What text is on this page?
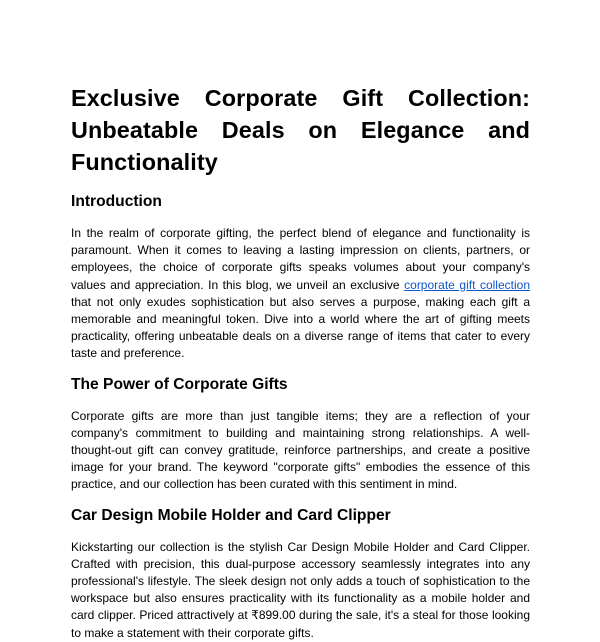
Exclusive Corporate Gift Collection: Unbeatable Deals on Elegance and Functionality
Introduction

In the realm of corporate gifting, the perfect blend of elegance and functionality is paramount. When it comes to leaving a lasting impression on clients, partners, or employees, the choice of corporate gifts speaks volumes about your company's values and appreciation. In this blog, we unveil an exclusive corporate gift collection that not only exudes sophistication but also serves a purpose, making each gift a memorable and meaningful token. Dive into a world where the art of gifting meets practicality, offering unbeatable deals on a diverse range of items that cater to every taste and preference.

The Power of Corporate Gifts

Corporate gifts are more than just tangible items; they are a reflection of your company's commitment to building and maintaining strong relationships. A well-thought-out gift can convey gratitude, reinforce partnerships, and create a positive image for your brand. The keyword "corporate gifts" embodies the essence of this practice, and our collection has been curated with this sentiment in mind.

Car Design Mobile Holder and Card Clipper

Kickstarting our collection is the stylish Car Design Mobile Holder and Card Clipper. Crafted with precision, this dual-purpose accessory seamlessly integrates into any professional's lifestyle. The sleek design not only adds a touch of sophistication to the workspace but also ensures practicality with its functionality as a mobile holder and card clipper. Priced attractively at ₹899.00 during the sale, it's a steal for those looking to make a statement with their corporate gifts.
